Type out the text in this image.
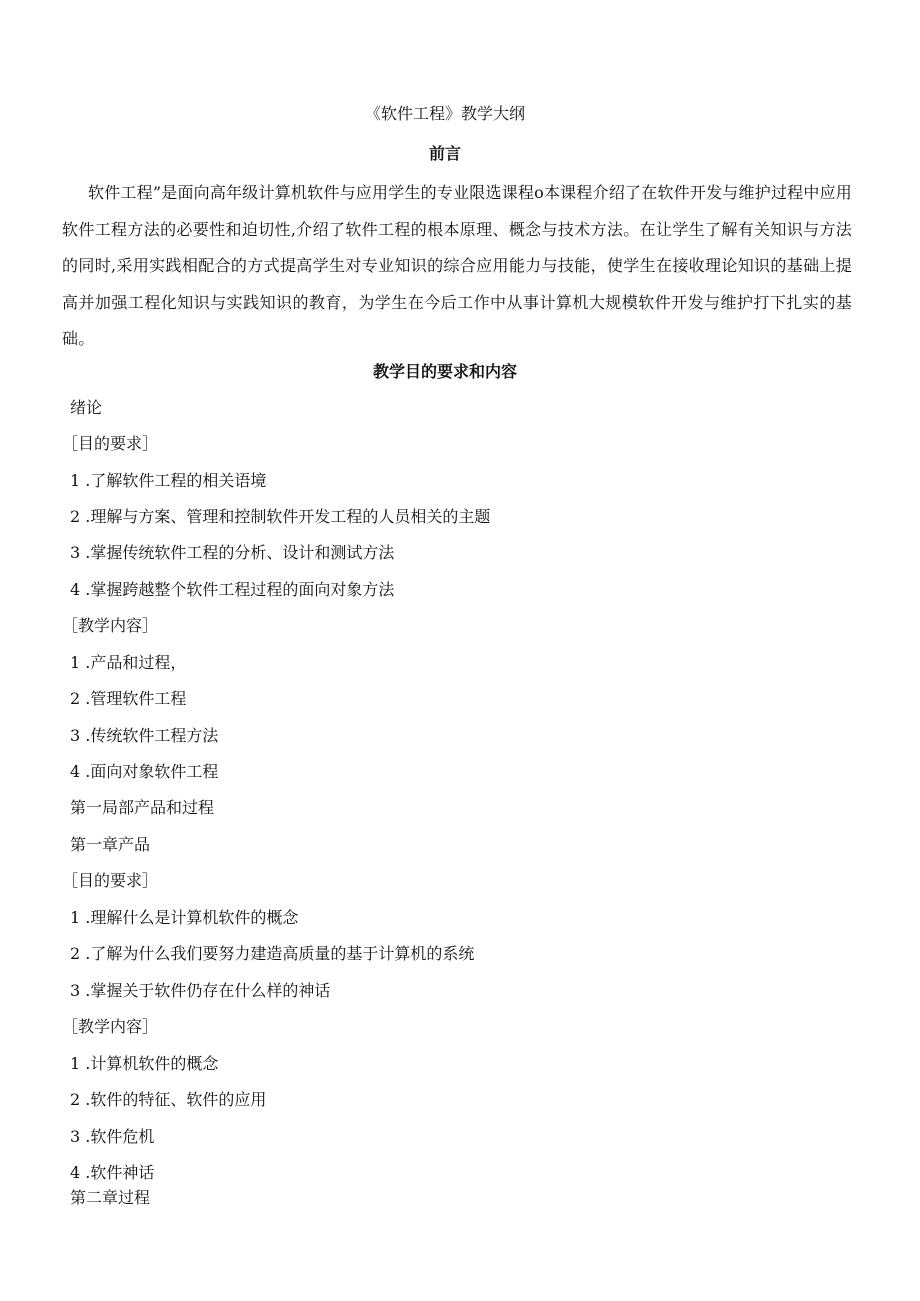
《软件工程》教学大纲
前言
软件工程”是面向高年级计算机软件与应用学生的专业限选课程o本课程介绍了在软件开发与维护过程中应用软件工程方法的必要性和迫切性,介绍了软件工程的根本原理、概念与技术方法。在让学生了解有关知识与方法的同时,采用实践相配合的方式提高学生对专业知识的综合应用能力与技能，使学生在接收理论知识的基础上提高并加强工程化知识与实践知识的教育，为学生在今后工作中从事计算机大规模软件开发与维护打下扎实的基础。
教学目的要求和内容
绪论
［目的要求］
1 .了解软件工程的相关语境
2 .理解与方案、管理和控制软件开发工程的人员相关的主题
3 .掌握传统软件工程的分析、设计和测试方法
4 .掌握跨越整个软件工程过程的面向对象方法
［教学内容］
1 .产品和过程，
2 .管理软件工程
3 .传统软件工程方法
4 .面向对象软件工程
第一局部产品和过程
第一章产品
［目的要求］
1 .理解什么是计算机软件的概念
2 .了解为什么我们要努力建造高质量的基于计算机的系统
3 .掌握关于软件仍存在什么样的神话
［教学内容］
1 .计算机软件的概念
2 .软件的特征、软件的应用
3 .软件危机
4 .软件神话
第二章过程
